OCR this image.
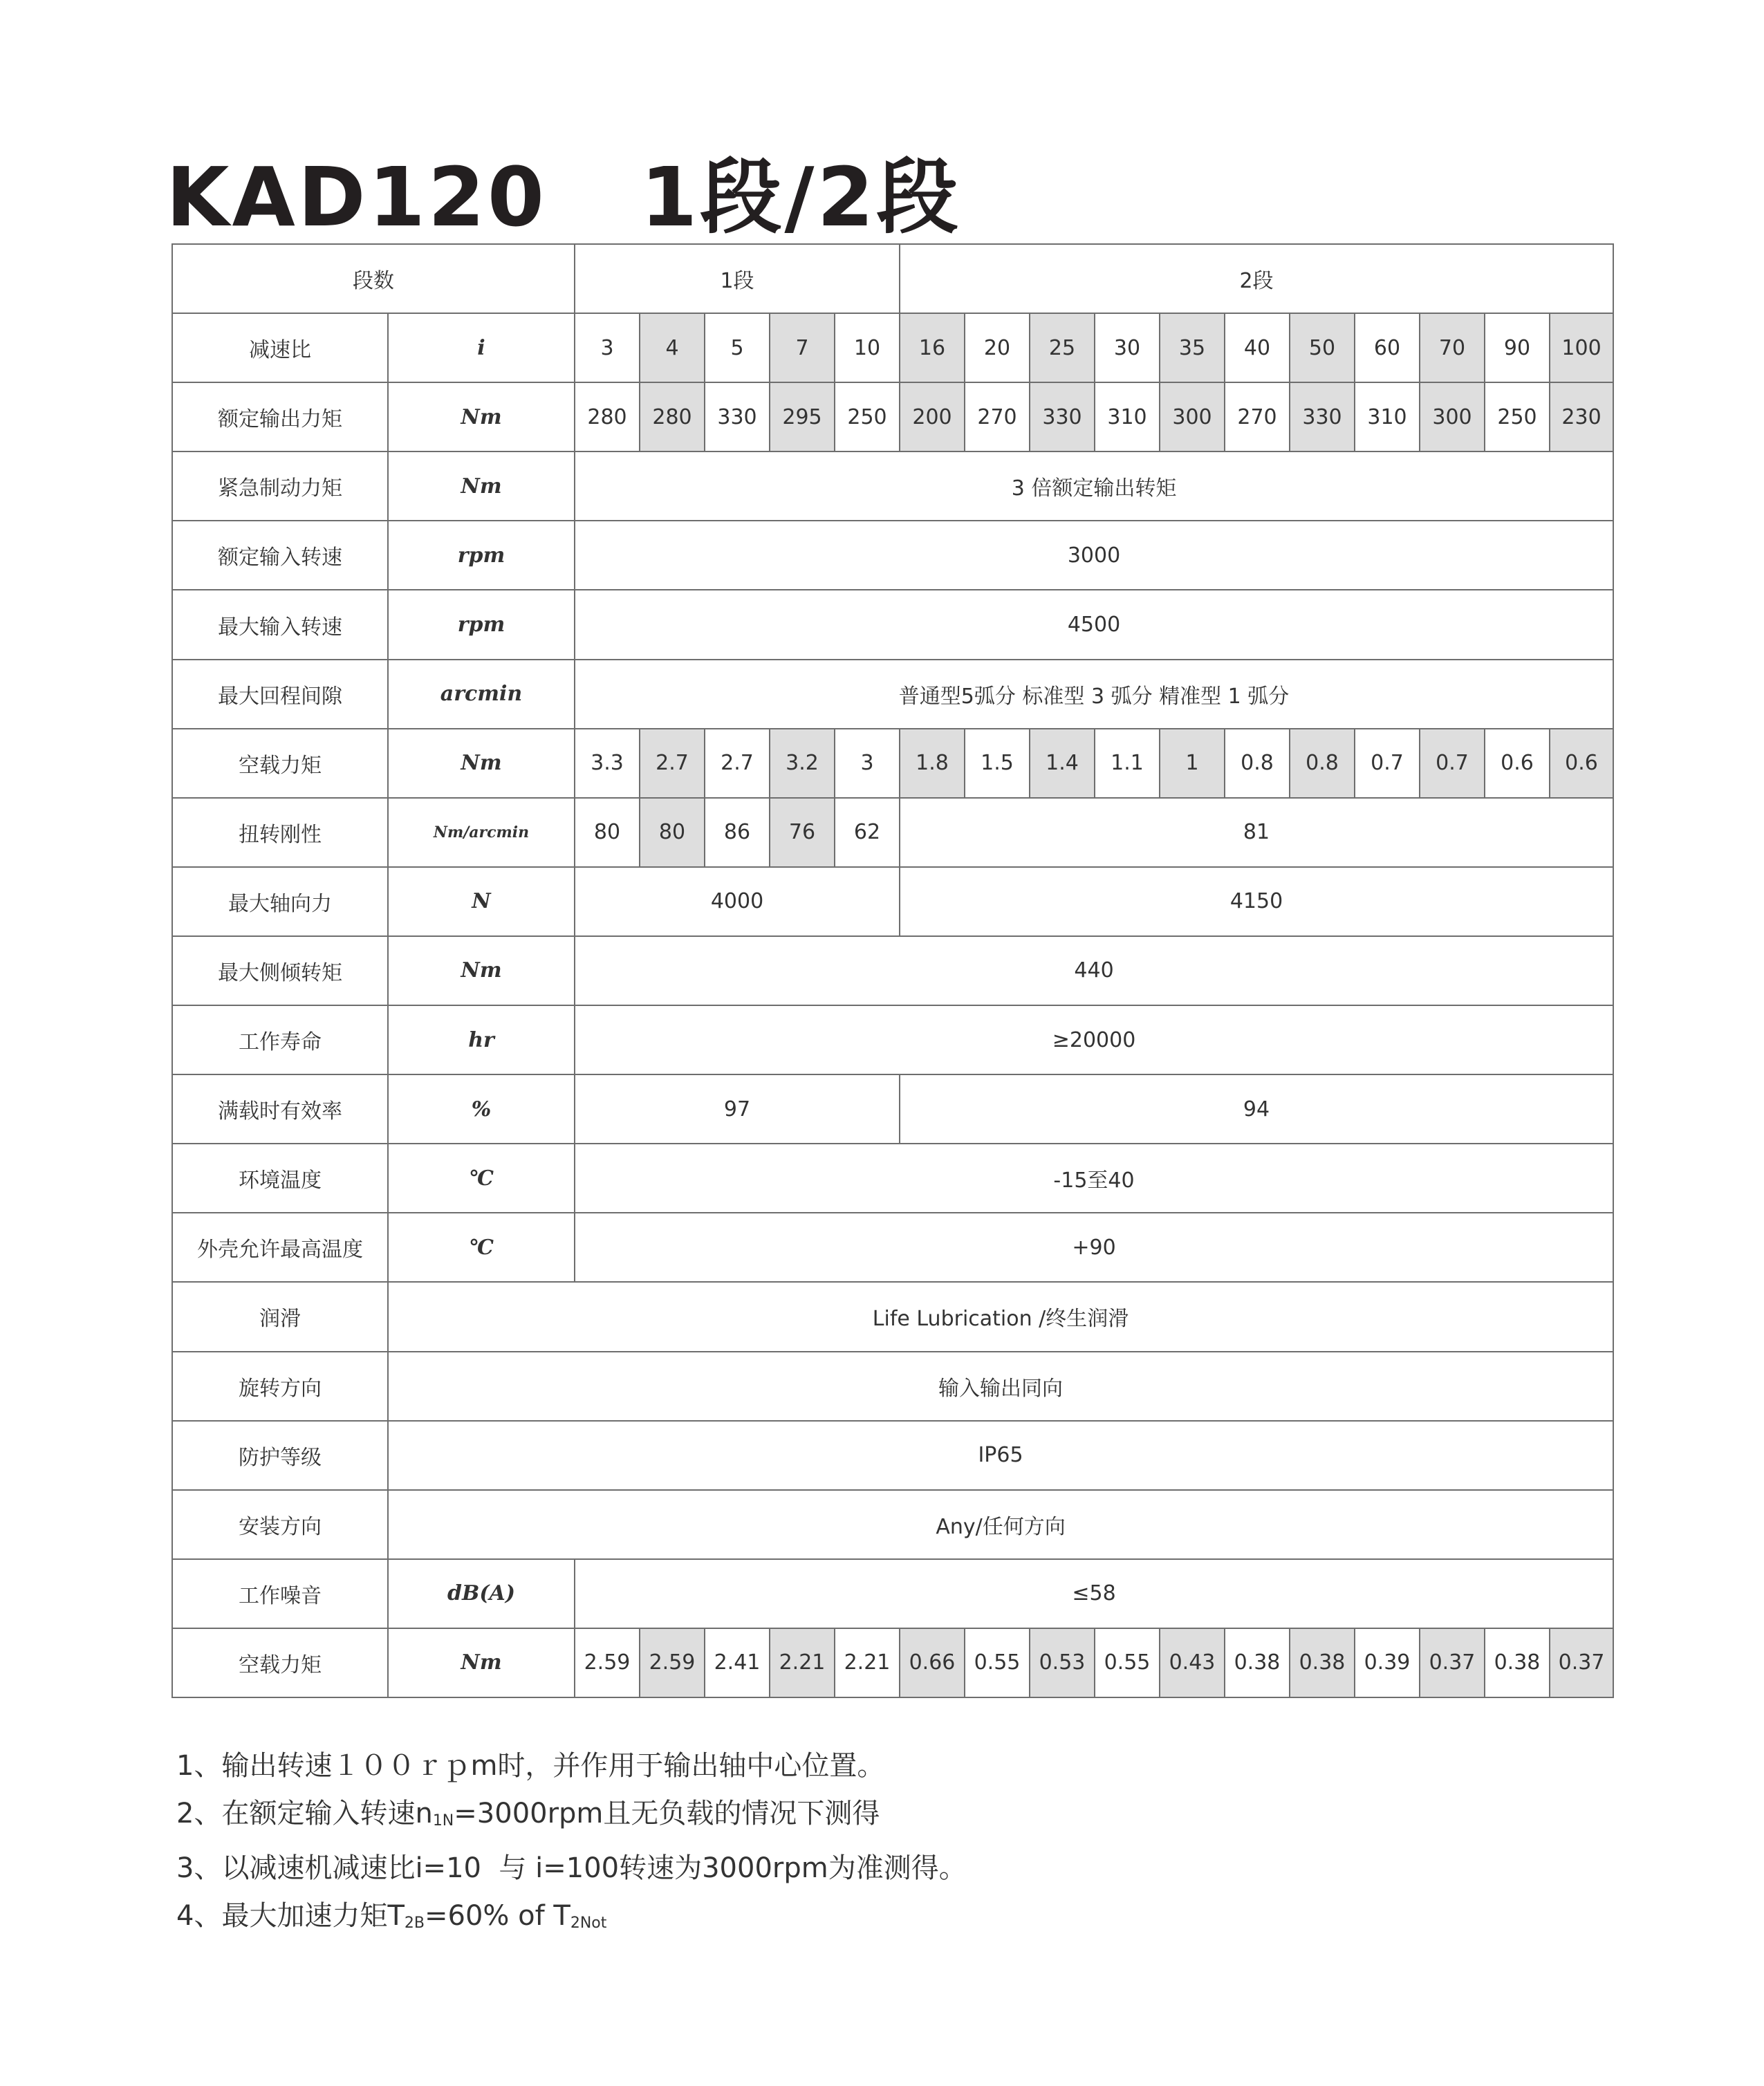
KAD120   1段/2段
段数		1段					2段										
减速比	i	3	4	5	7	10	16	20	25	30	35	40	50	60	70	90	100
额定输出力矩	Nm	280	280	330	295	250	200	270	330	310	300	270	330	310	300	250	230
紧急制动力矩	Nm	3 倍额定输出转矩															
额定输入转速	rpm	3000															
最大输入转速	rpm	4500															
最大回程间隙	arcmin	普通型5弧分 标准型 3 弧分 精准型 1 弧分															
空载力矩	Nm	3.3	2.7	2.7	3.2	3	1.8	1.5	1.4	1.1	1	0.8	0.8	0.7	0.7	0.6	0.6
扭转刚性	Nm/arcmin	80	80	86	76	62	81										
最大轴向力	N	4000					4150										
最大侧倾转矩	Nm	440															
工作寿命	hr	≥20000															
满载时有效率	%	97					94										
环境温度	℃	-15至40															
外壳允许最高温度	℃	+90															
润滑	Life Lubrication /终生润滑																
旋转方向	输入输出同向																
防护等级	IP65																
安装方向	Any/任何方向																
工作噪音	dB(A)	≤58															
空载力矩	Nm	2.59	2.59	2.41	2.21	2.21	0.66	0.55	0.53	0.55	0.43	0.38	0.38	0.39	0.37	0.38	0.37
1、输出转速１００ｒｐm时，并作用于输出轴中心位置。
2、在额定输入转速$n_{1N}=3000rpm$且无负载的情况下测得
3、以减速机减速比i=10  与 i=100转速为3000rpm为准测得。
4、最大加速力矩$T_{2B}=60\%$ of $T_{2Not}$
